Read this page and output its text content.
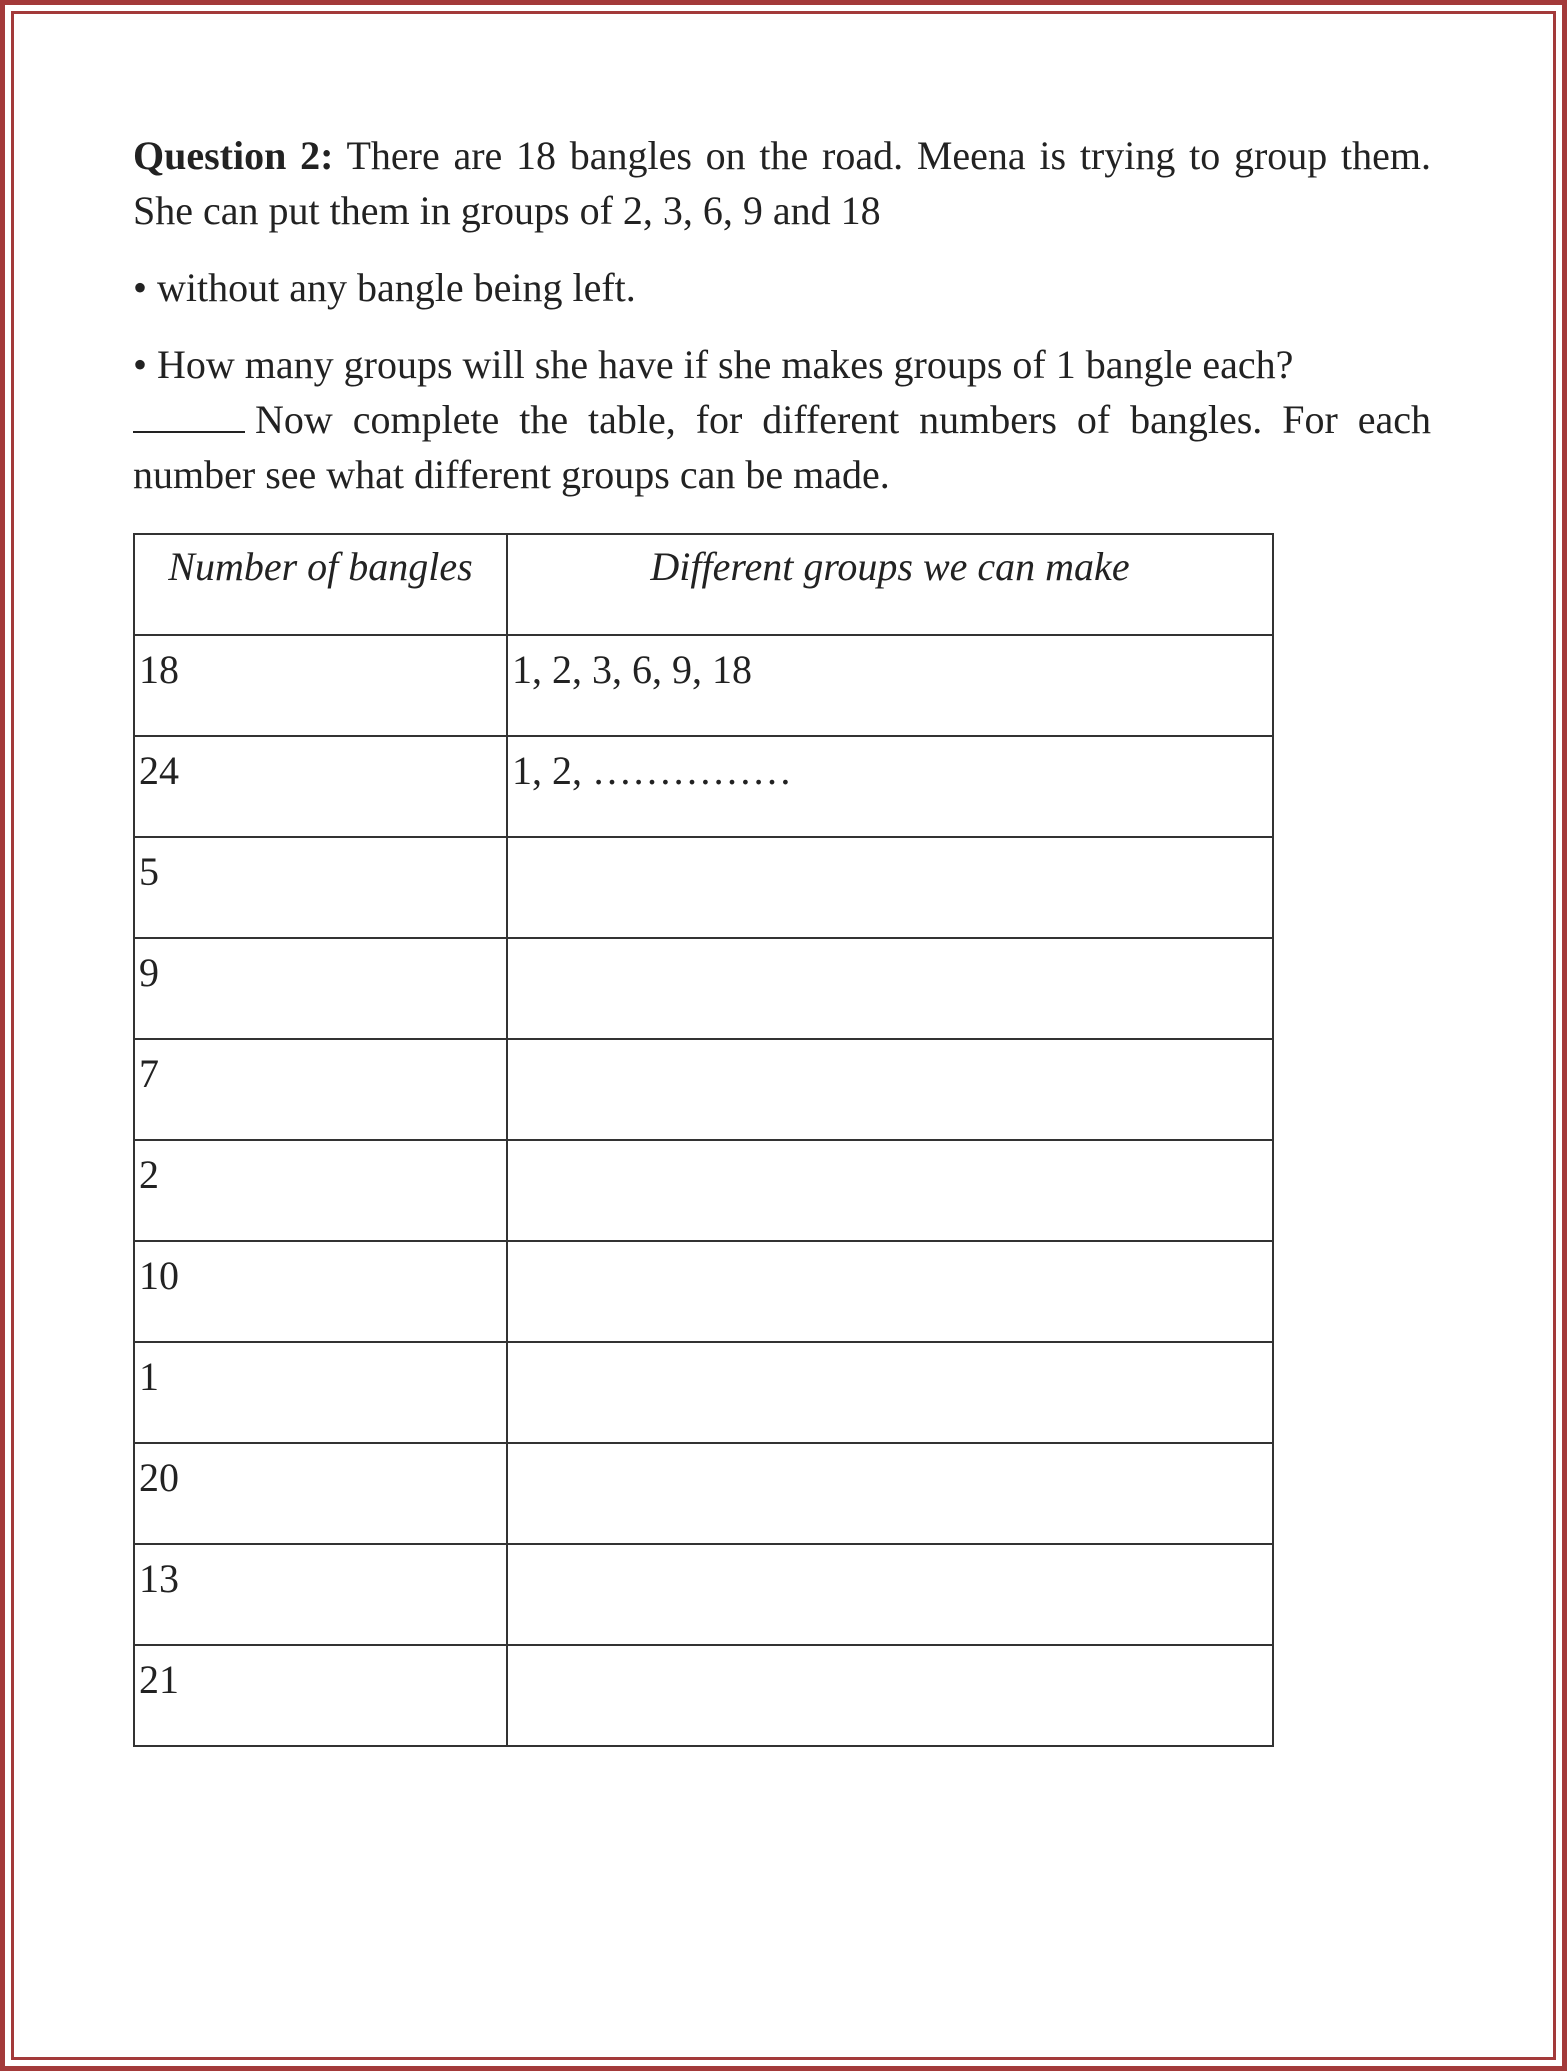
Question 2: There are 18 bangles on the road. Meena is trying to group them. She can put them in groups of 2, 3, 6, 9 and 18

• without any bangle being left.

• How many groups will she have if she makes groups of 1 bangle each?
Now complete the table, for different numbers of bangles. For each number see what different groups can be made.

Number of bangles	Different groups we can make
18	1, 2, 3, 6, 9, 18
24	1, 2, ……………
5	
9	
7	
2	
10	
1	
20	
13	
21	
